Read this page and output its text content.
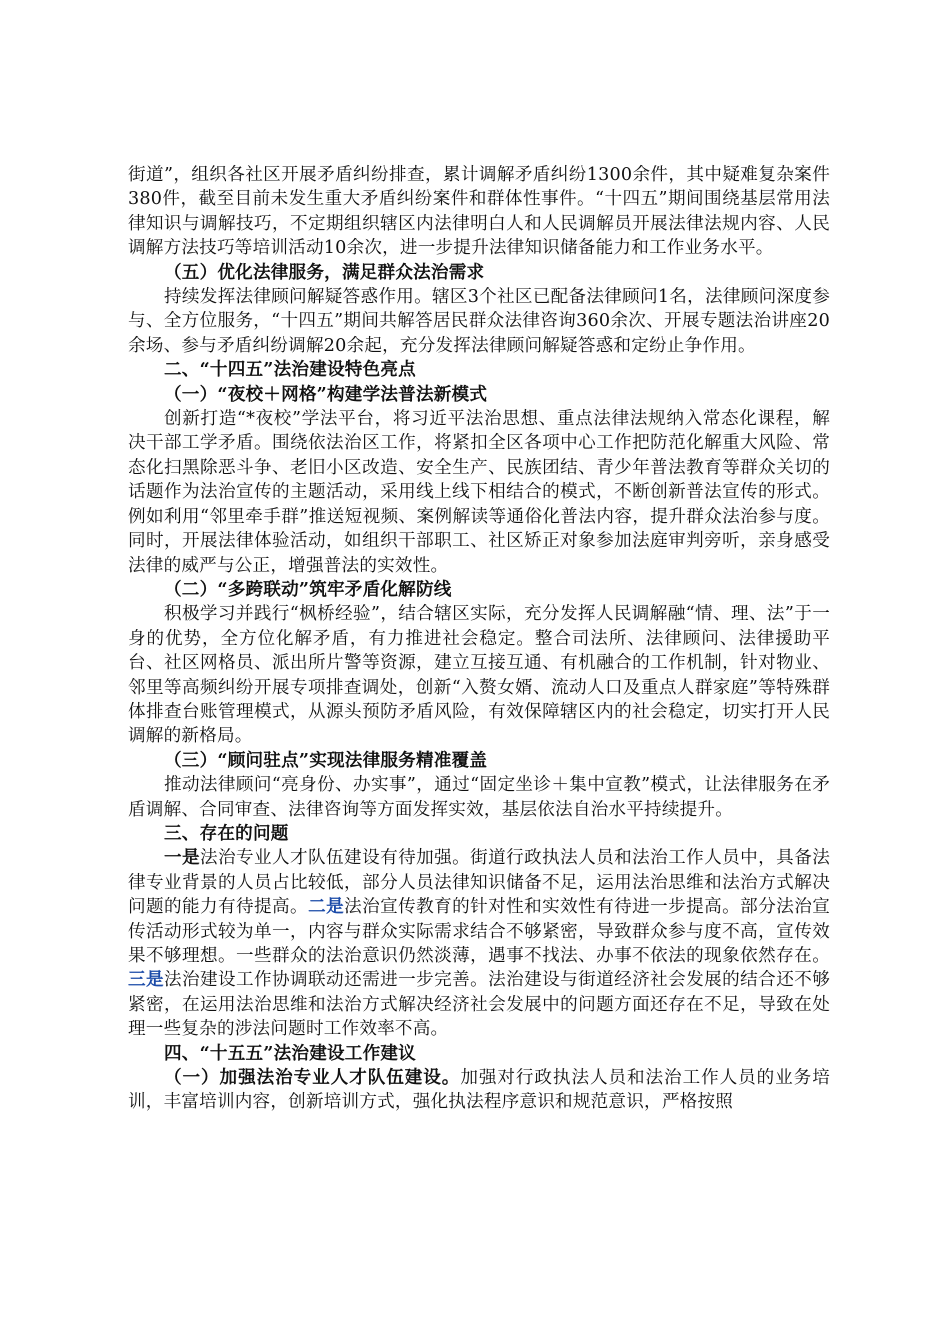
街道”，组织各社区开展矛盾纠纷排查，累计调解矛盾纠纷1300余件，其中疑难复杂案件380件，截至目前未发生重大矛盾纠纷案件和群体性事件。“十四五”期间围绕基层常用法律知识与调解技巧，不定期组织辖区内法律明白人和人民调解员开展法律法规内容、人民调解方法技巧等培训活动10余次，进一步提升法律知识储备能力和工作业务水平。

（五）优化法律服务，满足群众法治需求

持续发挥法律顾问解疑答惑作用。辖区3个社区已配备法律顾问1名，法律顾问深度参与、全方位服务，“十四五”期间共解答居民群众法律咨询360余次、开展专题法治讲座20余场、参与矛盾纠纷调解20余起，充分发挥法律顾问解疑答惑和定纷止争作用。

二、“十四五”法治建设特色亮点

（一）“夜校＋网格”构建学法普法新模式

创新打造“*夜校”学法平台，将习近平法治思想、重点法律法规纳入常态化课程，解决干部工学矛盾。围绕依法治区工作，将紧扣全区各项中心工作把防范化解重大风险、常态化扫黑除恶斗争、老旧小区改造、安全生产、民族团结、青少年普法教育等群众关切的话题作为法治宣传的主题活动，采用线上线下相结合的模式，不断创新普法宣传的形式。例如利用“邻里牵手群”推送短视频、案例解读等通俗化普法内容，提升群众法治参与度。同时，开展法律体验活动，如组织干部职工、社区矫正对象参加法庭审判旁听，亲身感受法律的威严与公正，增强普法的实效性。

（二）“多跨联动”筑牢矛盾化解防线

积极学习并践行“枫桥经验”，结合辖区实际，充分发挥人民调解融“情、理、法”于一身的优势，全方位化解矛盾，有力推进社会稳定。整合司法所、法律顾问、法律援助平台、社区网格员、派出所片警等资源，建立互接互通、有机融合的工作机制，针对物业、邻里等高频纠纷开展专项排查调处，创新“入赘女婿、流动人口及重点人群家庭”等特殊群体排查台账管理模式，从源头预防矛盾风险，有效保障辖区内的社会稳定，切实打开人民调解的新格局。

（三）“顾问驻点”实现法律服务精准覆盖

推动法律顾问“亮身份、办实事”，通过“固定坐诊＋集中宣教”模式，让法律服务在矛盾调解、合同审查、法律咨询等方面发挥实效，基层依法自治水平持续提升。

三、存在的问题

一是法治专业人才队伍建设有待加强。街道行政执法人员和法治工作人员中，具备法律专业背景的人员占比较低，部分人员法律知识储备不足，运用法治思维和法治方式解决问题的能力有待提高。二是法治宣传教育的针对性和实效性有待进一步提高。部分法治宣传活动形式较为单一，内容与群众实际需求结合不够紧密，导致群众参与度不高，宣传效果不够理想。一些群众的法治意识仍然淡薄，遇事不找法、办事不依法的现象依然存在。三是法治建设工作协调联动还需进一步完善。法治建设与街道经济社会发展的结合还不够紧密，在运用法治思维和法治方式解决经济社会发展中的问题方面还存在不足，导致在处理一些复杂的涉法问题时工作效率不高。

四、“十五五”法治建设工作建议

（一）加强法治专业人才队伍建设。加强对行政执法人员和法治工作人员的业务培训，丰富培训内容，创新培训方式，强化执法程序意识和规范意识，严格按照
